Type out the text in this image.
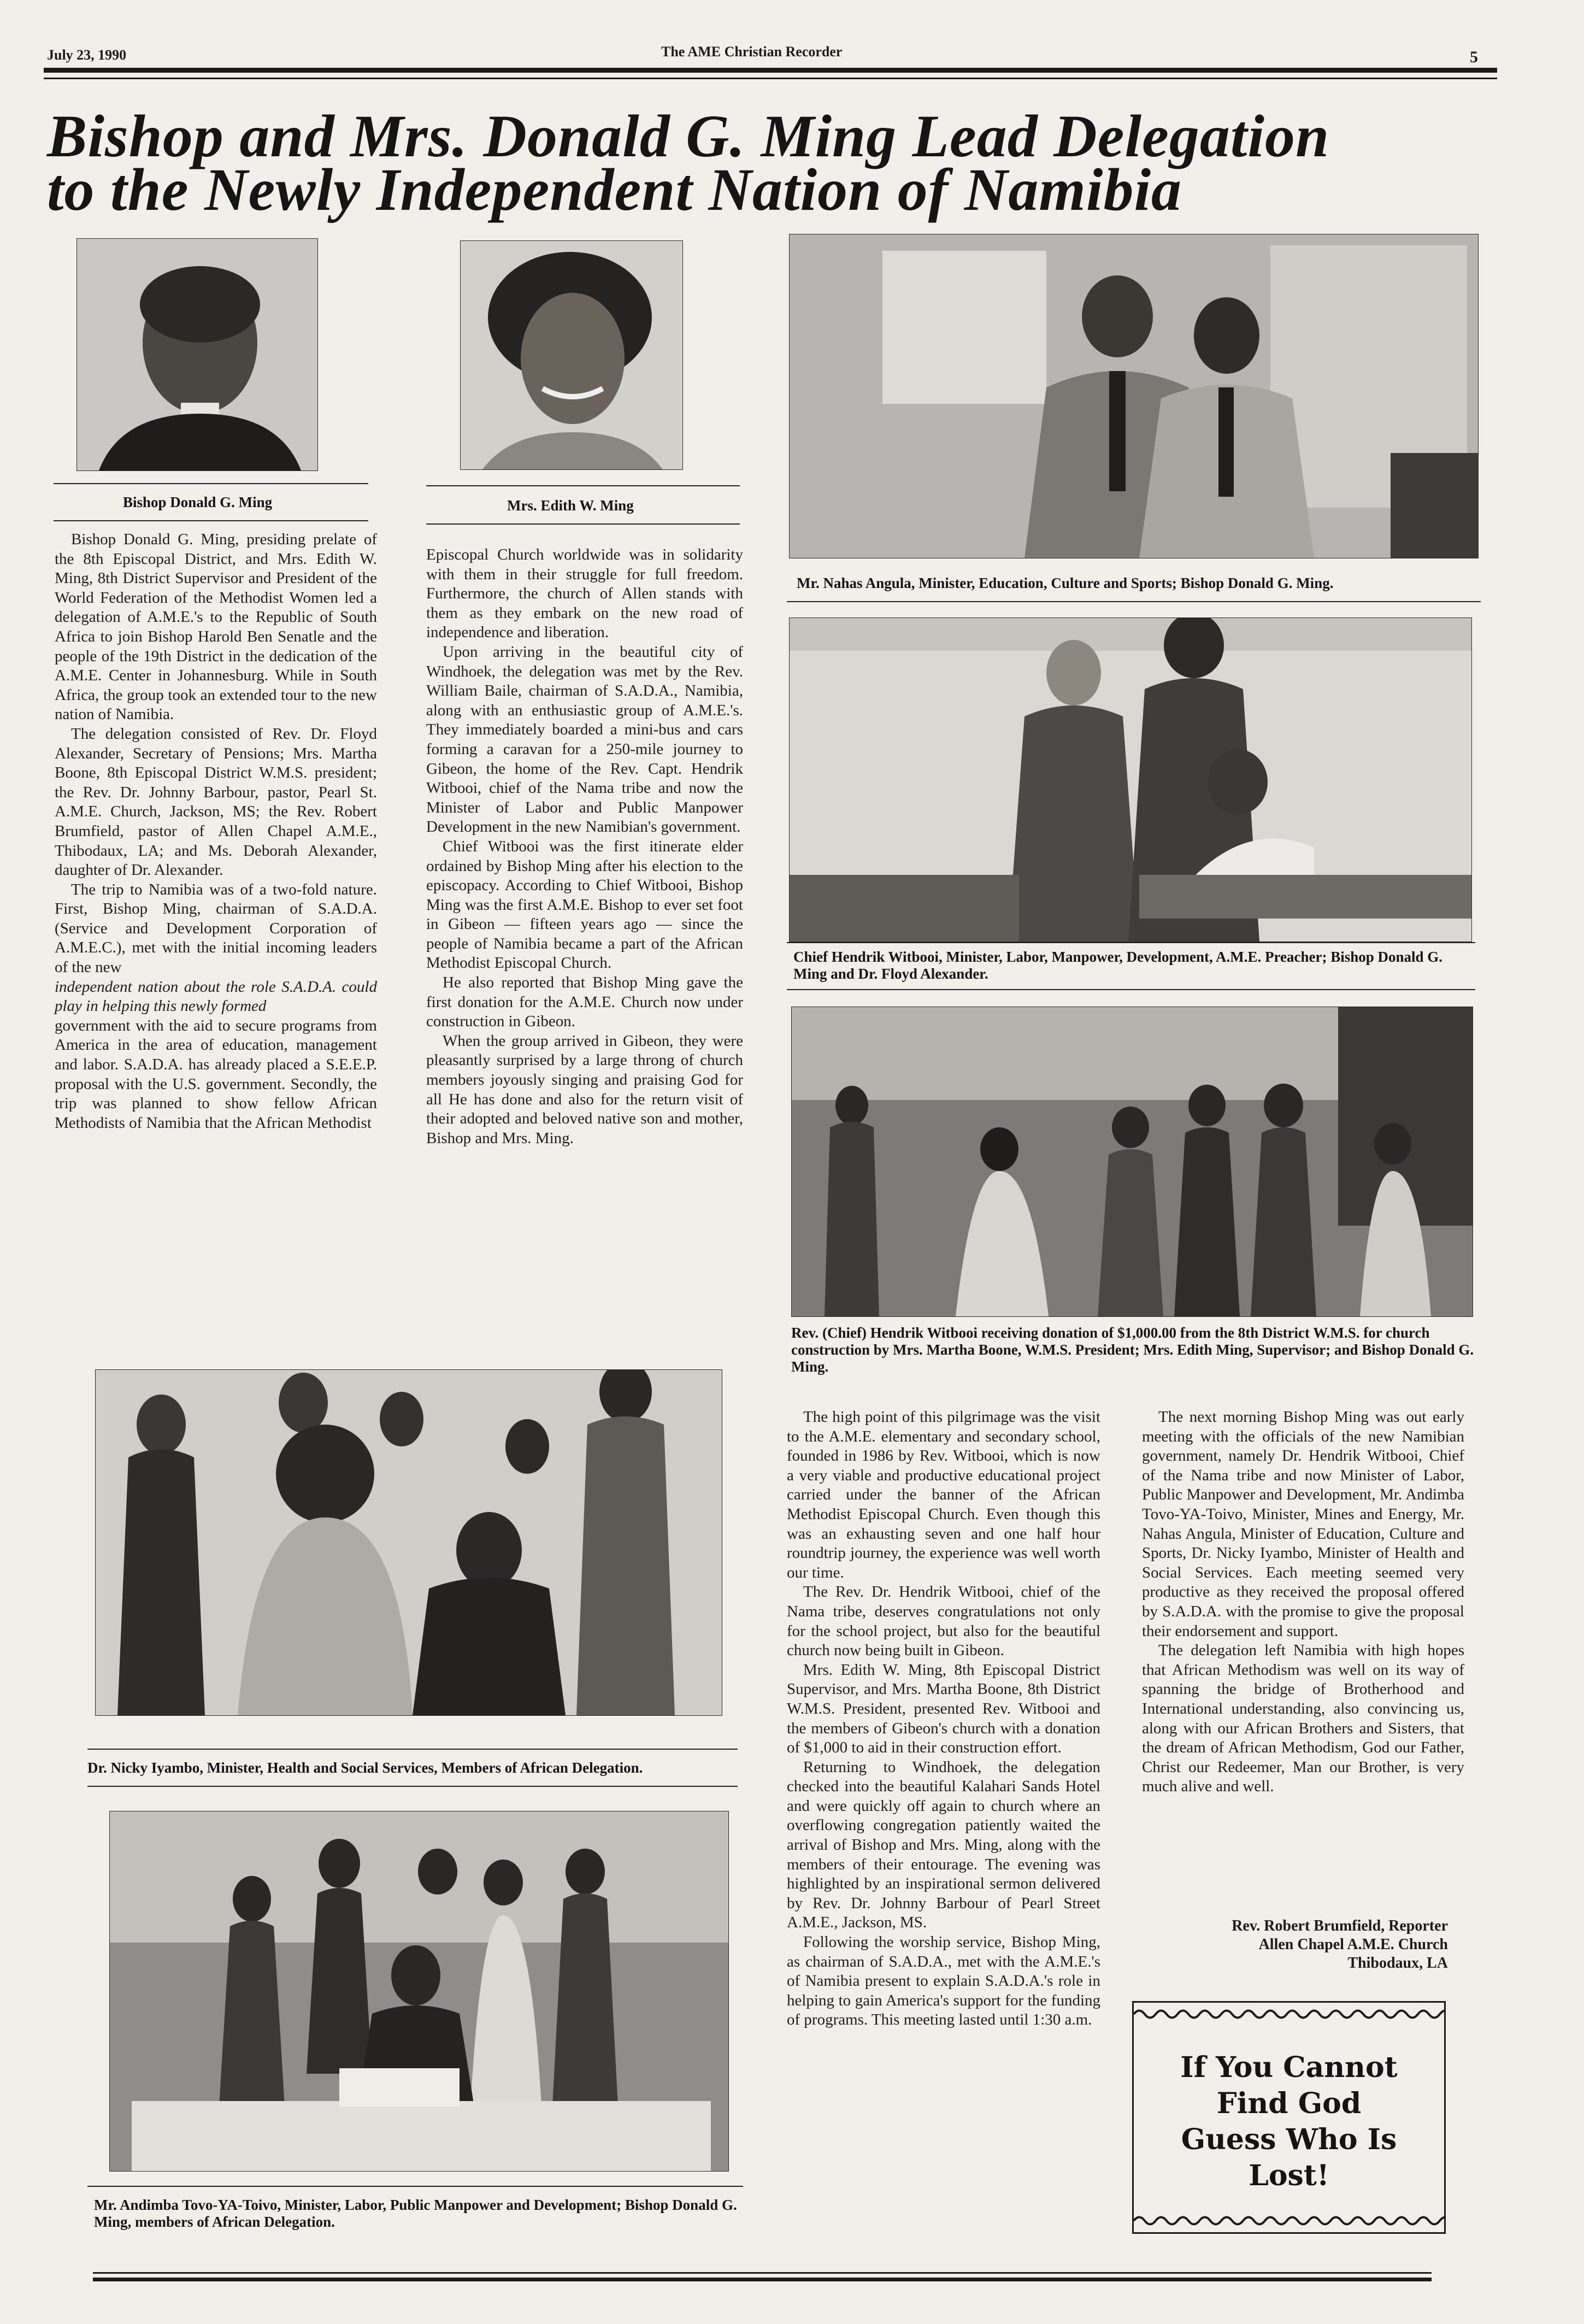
July 23, 1990	The AME Christian Recorder	5
Bishop and Mrs. Donald G. Ming Lead Delegation
to the Newly Independent Nation of Namibia
Bishop Donald G. Ming	Mrs. Edith W. Ming
Mr. Nahas Angula, Minister, Education, Culture and Sports; Bishop Donald G. Ming.
Chief Hendrik Witbooi, Minister, Labor, Manpower, Development, A.M.E. Preacher; Bishop Donald G. Ming and Dr. Floyd Alexander.
Rev. (Chief) Hendrik Witbooi receiving donation of $1,000.00 from the 8th District W.M.S. for church construction by Mrs. Martha Boone, W.M.S. President; Mrs. Edith Ming, Supervisor; and Bishop Donald G. Ming.
Dr. Nicky Iyambo, Minister, Health and Social Services, Members of African Delegation.
Mr. Andimba Tovo-YA-Toivo, Minister, Labor, Public Manpower and Development; Bishop Donald G. Ming, members of African Delegation.

Bishop Donald G. Ming, presiding prelate of the 8th Episcopal District, and Mrs. Edith W. Ming, 8th District Supervisor and President of the World Federation of the Methodist Women led a delegation of A.M.E.'s to the Republic of South Africa to join Bishop Harold Ben Senatle and the people of the 19th District in the dedication of the A.M.E. Center in Johannesburg. While in South Africa, the group took an extended tour to the new nation of Namibia.

The delegation consisted of Rev. Dr. Floyd Alexander, Secretary of Pensions; Mrs. Martha Boone, 8th Episcopal District W.M.S. president; the Rev. Dr. Johnny Barbour, pastor, Pearl St. A.M.E. Church, Jackson, MS; the Rev. Robert Brumfield, pastor of Allen Chapel A.M.E., Thibodaux, LA; and Ms. Deborah Alexander, daughter of Dr. Alexander.

The trip to Namibia was of a two-fold nature. First, Bishop Ming, chairman of S.A.D.A. (Service and Development Corporation of A.M.E.C.), met with the initial incoming leaders of the new

independent nation about the role S.A.D.A. could play in helping this newly formed

government with the aid to secure programs from America in the area of education, management and labor. S.A.D.A. has already placed a S.E.E.P. proposal with the U.S. government. Secondly, the trip was planned to show fellow African Methodists of Namibia that the African Methodist

Episcopal Church worldwide was in solidarity with them in their struggle for full freedom. Furthermore, the church of Allen stands with them as they embark on the new road of independence and liberation.

Upon arriving in the beautiful city of Windhoek, the delegation was met by the Rev. William Baile, chairman of S.A.D.A., Namibia, along with an enthusiastic group of A.M.E.'s. They immediately boarded a mini-bus and cars forming a caravan for a 250-mile journey to Gibeon, the home of the Rev. Capt. Hendrik Witbooi, chief of the Nama tribe and now the Minister of Labor and Public Manpower Development in the new Namibian's government.

Chief Witbooi was the first itinerate elder ordained by Bishop Ming after his election to the episcopacy. According to Chief Witbooi, Bishop Ming was the first A.M.E. Bishop to ever set foot in Gibeon — fifteen years ago — since the people of Namibia became a part of the African Methodist Episcopal Church.

He also reported that Bishop Ming gave the first donation for the A.M.E. Church now under construction in Gibeon.

When the group arrived in Gibeon, they were pleasantly surprised by a large throng of church members joyously singing and praising God for all He has done and also for the return visit of their adopted and beloved native son and mother, Bishop and Mrs. Ming.

The high point of this pilgrimage was the visit to the A.M.E. elementary and secondary school, founded in 1986 by Rev. Witbooi, which is now a very viable and productive educational project carried under the banner of the African Methodist Episcopal Church. Even though this was an exhausting seven and one half hour roundtrip journey, the experience was well worth our time.

The Rev. Dr. Hendrik Witbooi, chief of the Nama tribe, deserves congratulations not only for the school project, but also for the beautiful church now being built in Gibeon.

Mrs. Edith W. Ming, 8th Episcopal District Supervisor, and Mrs. Martha Boone, 8th District W.M.S. President, presented Rev. Witbooi and the members of Gibeon's church with a donation of $1,000 to aid in their construction effort.

Returning to Windhoek, the delegation checked into the beautiful Kalahari Sands Hotel and were quickly off again to church where an overflowing congregation patiently waited the arrival of Bishop and Mrs. Ming, along with the members of their entourage. The evening was highlighted by an inspirational sermon delivered by Rev. Dr. Johnny Barbour of Pearl Street A.M.E., Jackson, MS.

Following the worship service, Bishop Ming, as chairman of S.A.D.A., met with the A.M.E.'s of Namibia present to explain S.A.D.A.'s role in helping to gain America's support for the funding of programs. This meeting lasted until 1:30 a.m.

The next morning Bishop Ming was out early meeting with the officials of the new Namibian government, namely Dr. Hendrik Witbooi, Chief of the Nama tribe and now Minister of Labor, Public Manpower and Development, Mr. Andimba Tovo-YA-Toivo, Minister, Mines and Energy, Mr. Nahas Angula, Minister of Education, Culture and Sports, Dr. Nicky Iyambo, Minister of Health and Social Services. Each meeting seemed very productive as they received the proposal offered by S.A.D.A. with the promise to give the proposal their endorsement and support.

The delegation left Namibia with high hopes that African Methodism was well on its way of spanning the bridge of Brotherhood and International understanding, also convincing us, along with our African Brothers and Sisters, that the dream of African Methodism, God our Father, Christ our Redeemer, Man our Brother, is very much alive and well.

Rev. Robert Brumfield, Reporter
Allen Chapel A.M.E. Church
Thibodaux, LA
If You Cannot
Find God
Guess Who Is
Lost!
